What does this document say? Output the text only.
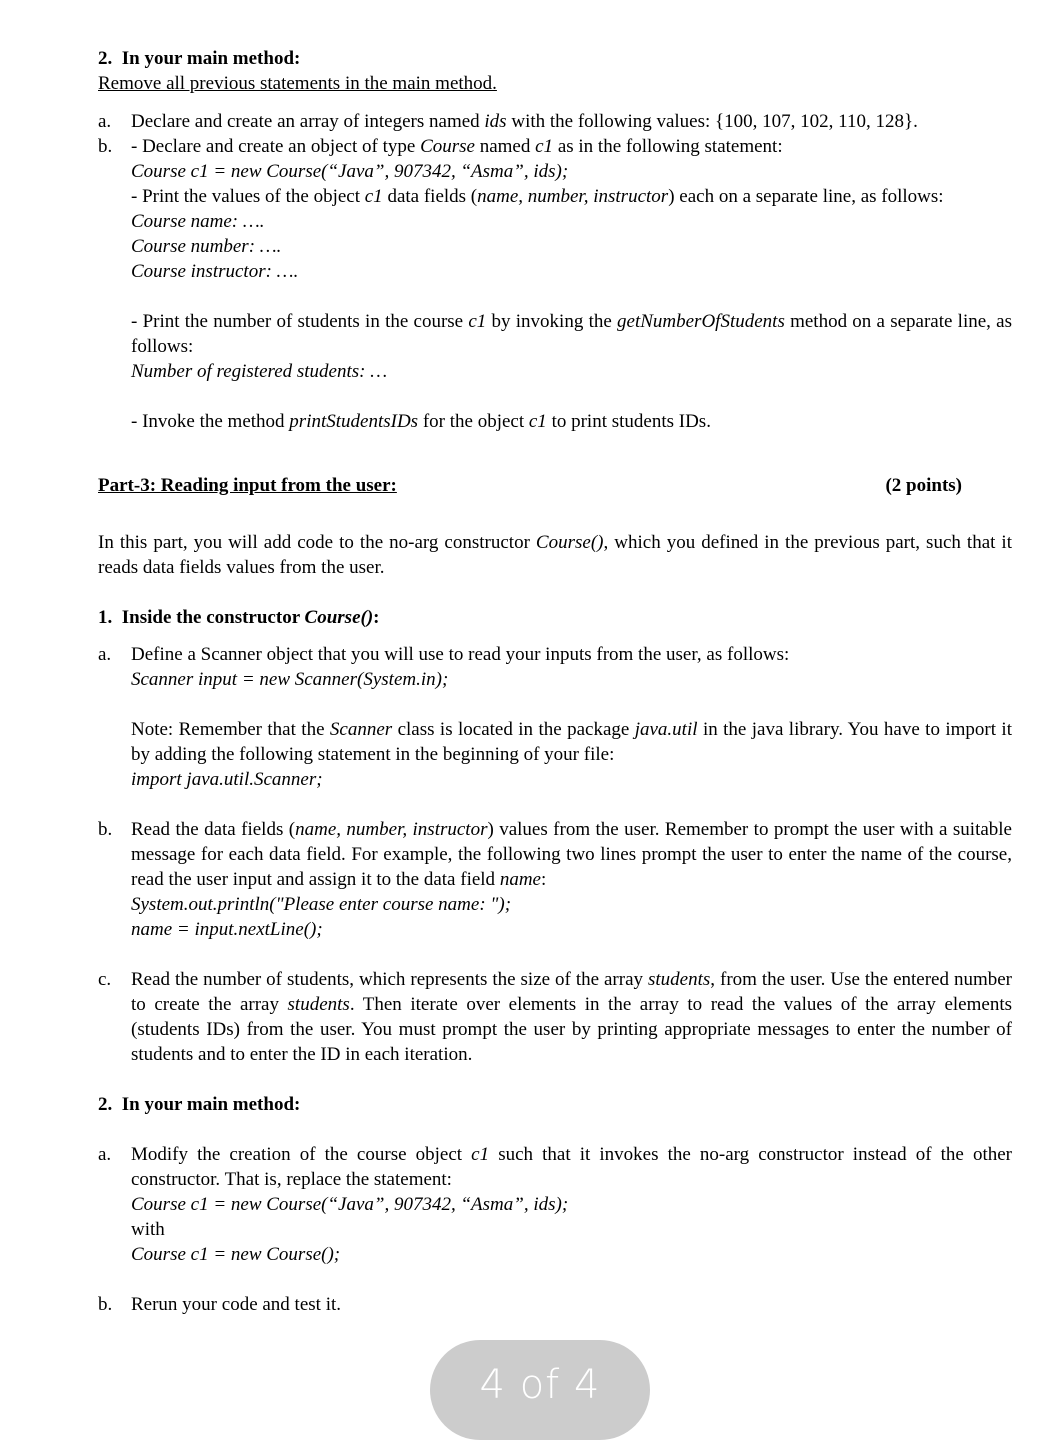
2. In your main method:

Remove all previous statements in the main method.

a. Declare and create an array of integers named ids with the following values: {100, 107, 102, 110, 128}.
b. - Declare and create an object of type Course named c1 as in the following statement:

Course c1 = new Course(“Java”, 907342, “Asma”, ids);

- Print the values of the object c1 data fields (name, number, instructor) each on a separate line, as follows:

Course name: ….

Course number: ….

Course instructor: ….

- Print the number of students in the course c1 by invoking the getNumberOfStudents method on a separate line, as follows:

Number of registered students: …

- Invoke the method printStudentsIDs for the object c1 to print students IDs.

Part-3: Reading input from the user:	(2 points)

In this part, you will add code to the no-arg constructor Course(), which you defined in the previous part, such that it reads data fields values from the user.

1. Inside the constructor Course():

a. Define a Scanner object that you will use to read your inputs from the user, as follows:

Scanner input = new Scanner(System.in);

Note: Remember that the Scanner class is located in the package java.util in the java library. You have to import it by adding the following statement in the beginning of your file:

import java.util.Scanner;

b. Read the data fields (name, number, instructor) values from the user. Remember to prompt the user with a suitable message for each data field. For example, the following two lines prompt the user to enter the name of the course, read the user input and assign it to the data field name:

System.out.println("Please enter course name: ");

name = input.nextLine();

c. Read the number of students, which represents the size of the array students, from the user. Use the entered number to create the array students. Then iterate over elements in the array to read the values of the array elements (students IDs) from the user. You must prompt the user by printing appropriate messages to enter the number of students and to enter the ID in each iteration.

2. In your main method:

a. Modify the creation of the course object c1 such that it invokes the no-arg constructor instead of the other constructor. That is, replace the statement:

Course c1 = new Course(“Java”, 907342, “Asma”, ids);

with

Course c1 = new Course();

b. Rerun your code and test it.

4 of 4
